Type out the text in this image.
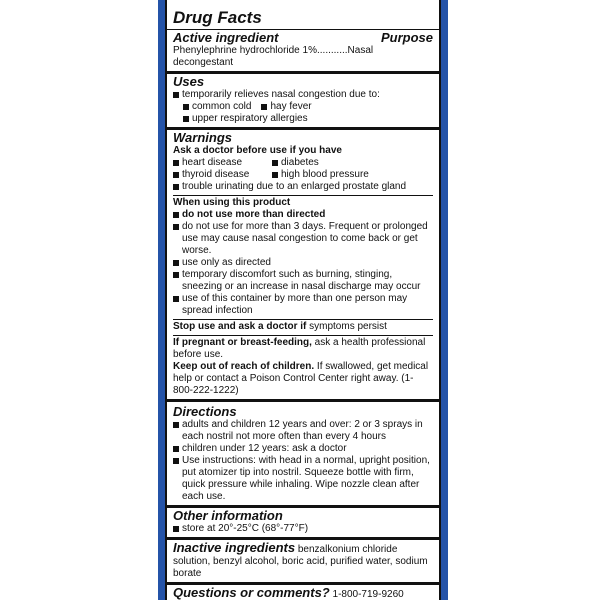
Drug Facts
Active ingredient	Purpose
Phenylephrine hydrochloride 1%...........Nasal decongestant
Uses
temporarily relieves nasal congestion due to:
common cold	hay fever
upper respiratory allergies
Warnings
Ask a doctor before use if you have
heart disease	diabetes
thyroid disease	high blood pressure
trouble urinating due to an enlarged prostate gland
When using this product
do not use more than directed
do not use for more than 3 days. Frequent or prolonged use may cause nasal congestion to come back or get worse.
use only as directed
temporary discomfort such as burning, stinging, sneezing or an increase in nasal discharge may occur
use of this container by more than one person may spread infection
Stop use and ask a doctor if symptoms persist
If pregnant or breast-feeding, ask a health professional before use.
Keep out of reach of children. If swallowed, get medical help or contact a Poison Control Center right away. (1-800-222-1222)
Directions
adults and children 12 years and over: 2 or 3 sprays in each nostril not more often than every 4 hours
children under 12 years: ask a doctor
Use instructions: with head in a normal, upright position, put atomizer tip into nostril. Squeeze bottle with firm, quick pressure while inhaling. Wipe nozzle clean after each use.
Other information
store at 20°-25°C (68°-77°F)
Inactive ingredients benzalkonium chloride solution, benzyl alcohol, boric acid, purified water, sodium borate
Questions or comments? 1-800-719-9260
